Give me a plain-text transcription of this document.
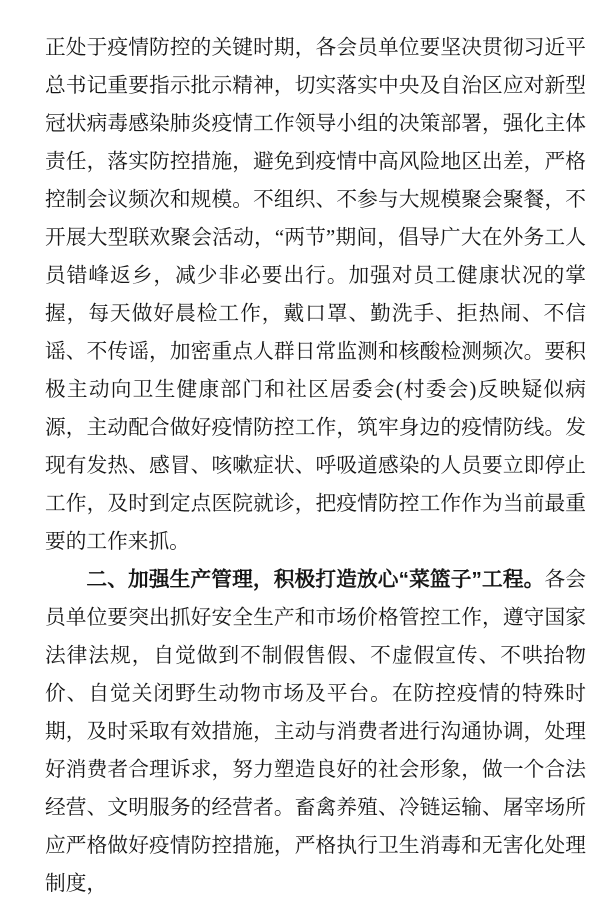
正处于疫情防控的关键时期，各会员单位要坚决贯彻习近平总书记重要指示批示精神，切实落实中央及自治区应对新型冠状病毒感染肺炎疫情工作领导小组的决策部署，强化主体责任，落实防控措施，避免到疫情中高风险地区出差，严格控制会议频次和规模。不组织、不参与大规模聚会聚餐，不开展大型联欢聚会活动，“两节”期间，倡导广大在外务工人员错峰返乡，减少非必要出行。加强对员工健康状况的掌握，每天做好晨检工作，戴口罩、勤洗手、拒热闹、不信谣、不传谣，加密重点人群日常监测和核酸检测频次。要积极主动向卫生健康部门和社区居委会(村委会)反映疑似病源，主动配合做好疫情防控工作，筑牢身边的疫情防线。发现有发热、感冒、咳嗽症状、呼吸道感染的人员要立即停止工作，及时到定点医院就诊，把疫情防控工作作为当前最重要的工作来抓。

二、加强生产管理，积极打造放心“菜篮子”工程。各会员单位要突出抓好安全生产和市场价格管控工作，遵守国家法律法规，自觉做到不制假售假、不虚假宣传、不哄抬物价、自觉关闭野生动物市场及平台。在防控疫情的特殊时期，及时采取有效措施，主动与消费者进行沟通协调，处理好消费者合理诉求，努力塑造良好的社会形象，做一个合法经营、文明服务的经营者。畜禽养殖、冷链运输、屠宰场所应严格做好疫情防控措施，严格执行卫生消毒和无害化处理制度，
